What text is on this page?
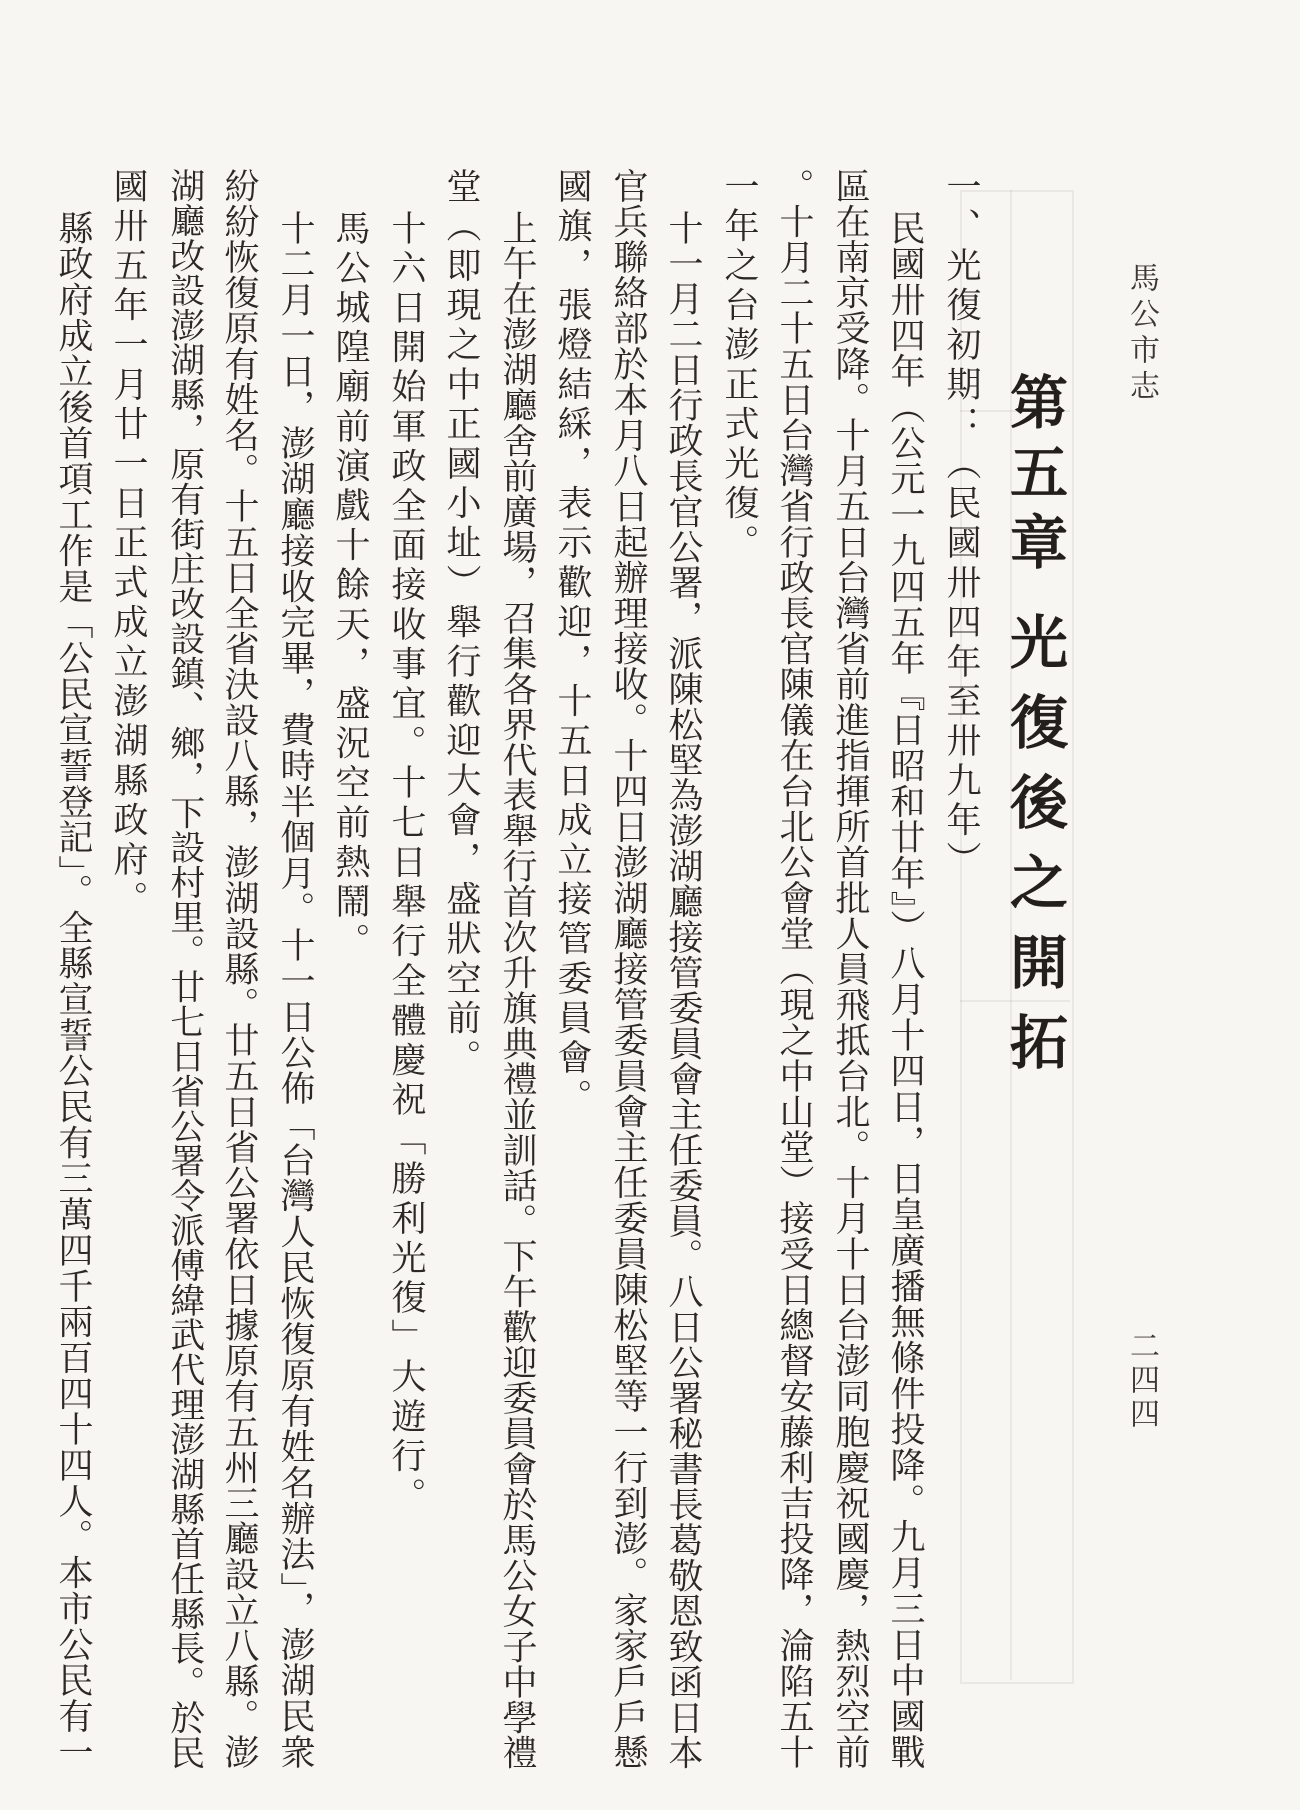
馬公市志
第五章
光復後之開拓
一、光復初期：（民國卅四年至卅九年）
民國卅四年（公元一九四五年『日昭和廿年』）八月十四日，日皇廣播無條件投降。九月三日中國戰
區在南京受降。十月五日台灣省前進指揮所首批人員飛抵台北。十月十日台澎同胞慶祝國慶，熱烈空前
。十月二十五日台灣省行政長官陳儀在台北公會堂（現之中山堂）接受日總督安藤利吉投降，淪陷五十
一年之台澎正式光復。
十一月二日行政長官公署，派陳松堅為澎湖廳接管委員會主任委員。八日公署秘書長葛敬恩致函日本
官兵聯絡部於本月八日起辦理接收。十四日澎湖廳接管委員會主任委員陳松堅等一行到澎。家家戶戶懸
國旗，張燈結綵，表示歡迎，十五日成立接管委員會。
上午在澎湖廳舍前廣場，召集各界代表舉行首次升旗典禮並訓話。下午歡迎委員會於馬公女子中學禮
堂（即現之中正國小址）舉行歡迎大會，盛狀空前。
十六日開始軍政全面接收事宜。十七日舉行全體慶祝「勝利光復」大遊行。
馬公城隍廟前演戲十餘天，盛況空前熱鬧。
十二月一日，澎湖廳接收完畢，費時半個月。十一日公佈「台灣人民恢復原有姓名辦法」，澎湖民衆
紛紛恢復原有姓名。十五日全省決設八縣，澎湖設縣。廿五日省公署依日據原有五州三廳設立八縣。澎
湖廳改設澎湖縣，原有街庄改設鎮、鄉，下設村里。廿七日省公署令派傅緯武代理澎湖縣首任縣長。於民
國卅五年一月廿一日正式成立澎湖縣政府。
縣政府成立後首項工作是「公民宣誓登記」。全縣宣誓公民有三萬四千兩百四十四人。本市公民有一	二四四
